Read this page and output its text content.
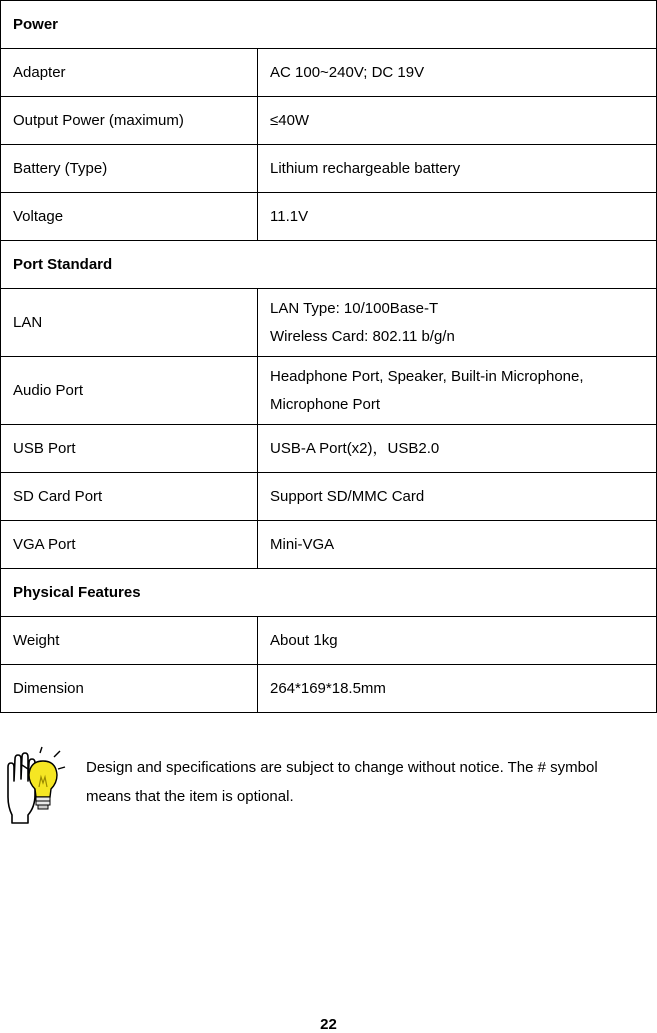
Power	
Adapter	AC 100~240V; DC 19V
Output Power (maximum)	≤40W
Battery (Type)	Lithium rechargeable battery
Voltage	11.1V
Port Standard	
LAN	LAN Type: 10/100Base-T
Wireless Card: 802.11 b/g/n

Audio Port	Headphone Port, Speaker, Built-in Microphone,
Microphone Port

USB Port	USB-A Port(x2)，USB2.0
SD Card Port	Support SD/MMC Card
VGA Port	Mini-VGA
Physical Features	
Weight	About 1kg
Dimension	264*169*18.5mm
Design and specifications are subject to change without notice. The # symbol
means that the item is optional.
22
